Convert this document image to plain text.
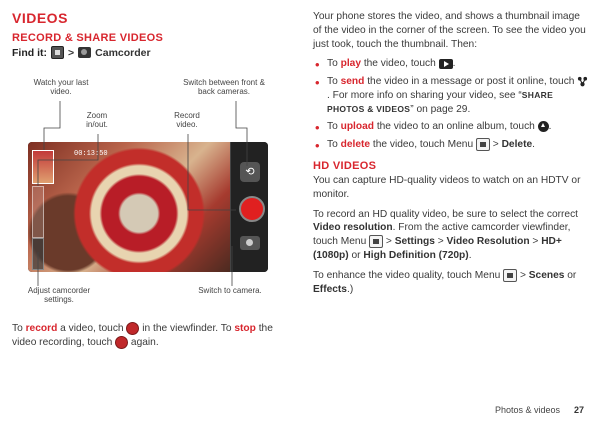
VIDEOS
RECORD & SHARE VIDEOS
Find it: > Camcorder
Watch your last video.
Zoom in/out.
Record video.
Switch between front & back cameras.
Adjust camcorder settings.
Switch to camera.
00:13:50
⟲

To record a video, touch  in the viewfinder. To stop the video recording, touch  again.

Your phone stores the video, and shows a thumbnail image of the video in the corner of the screen. To see the video you just took, touch the thumbnail. Then:

• To play the video, touch .
• To send the video in a message or post it online, touch . For more info on sharing your video, see “SHARE PHOTOS & VIDEOS” on page 29.
• To upload the video to an online album, touch .
• To delete the video, touch Menu  > Delete.
HD VIDEOS

You can capture HD-quality videos to watch on an HDTV or monitor.

To record an HD quality video, be sure to select the correct Video resolution. From the active camcorder viewfinder, touch Menu  > Settings > Video Resolution > HD+ (1080p) or High Definition (720p).

To enhance the video quality, touch Menu  > Scenes or Effects.)

Photos & videos 27
